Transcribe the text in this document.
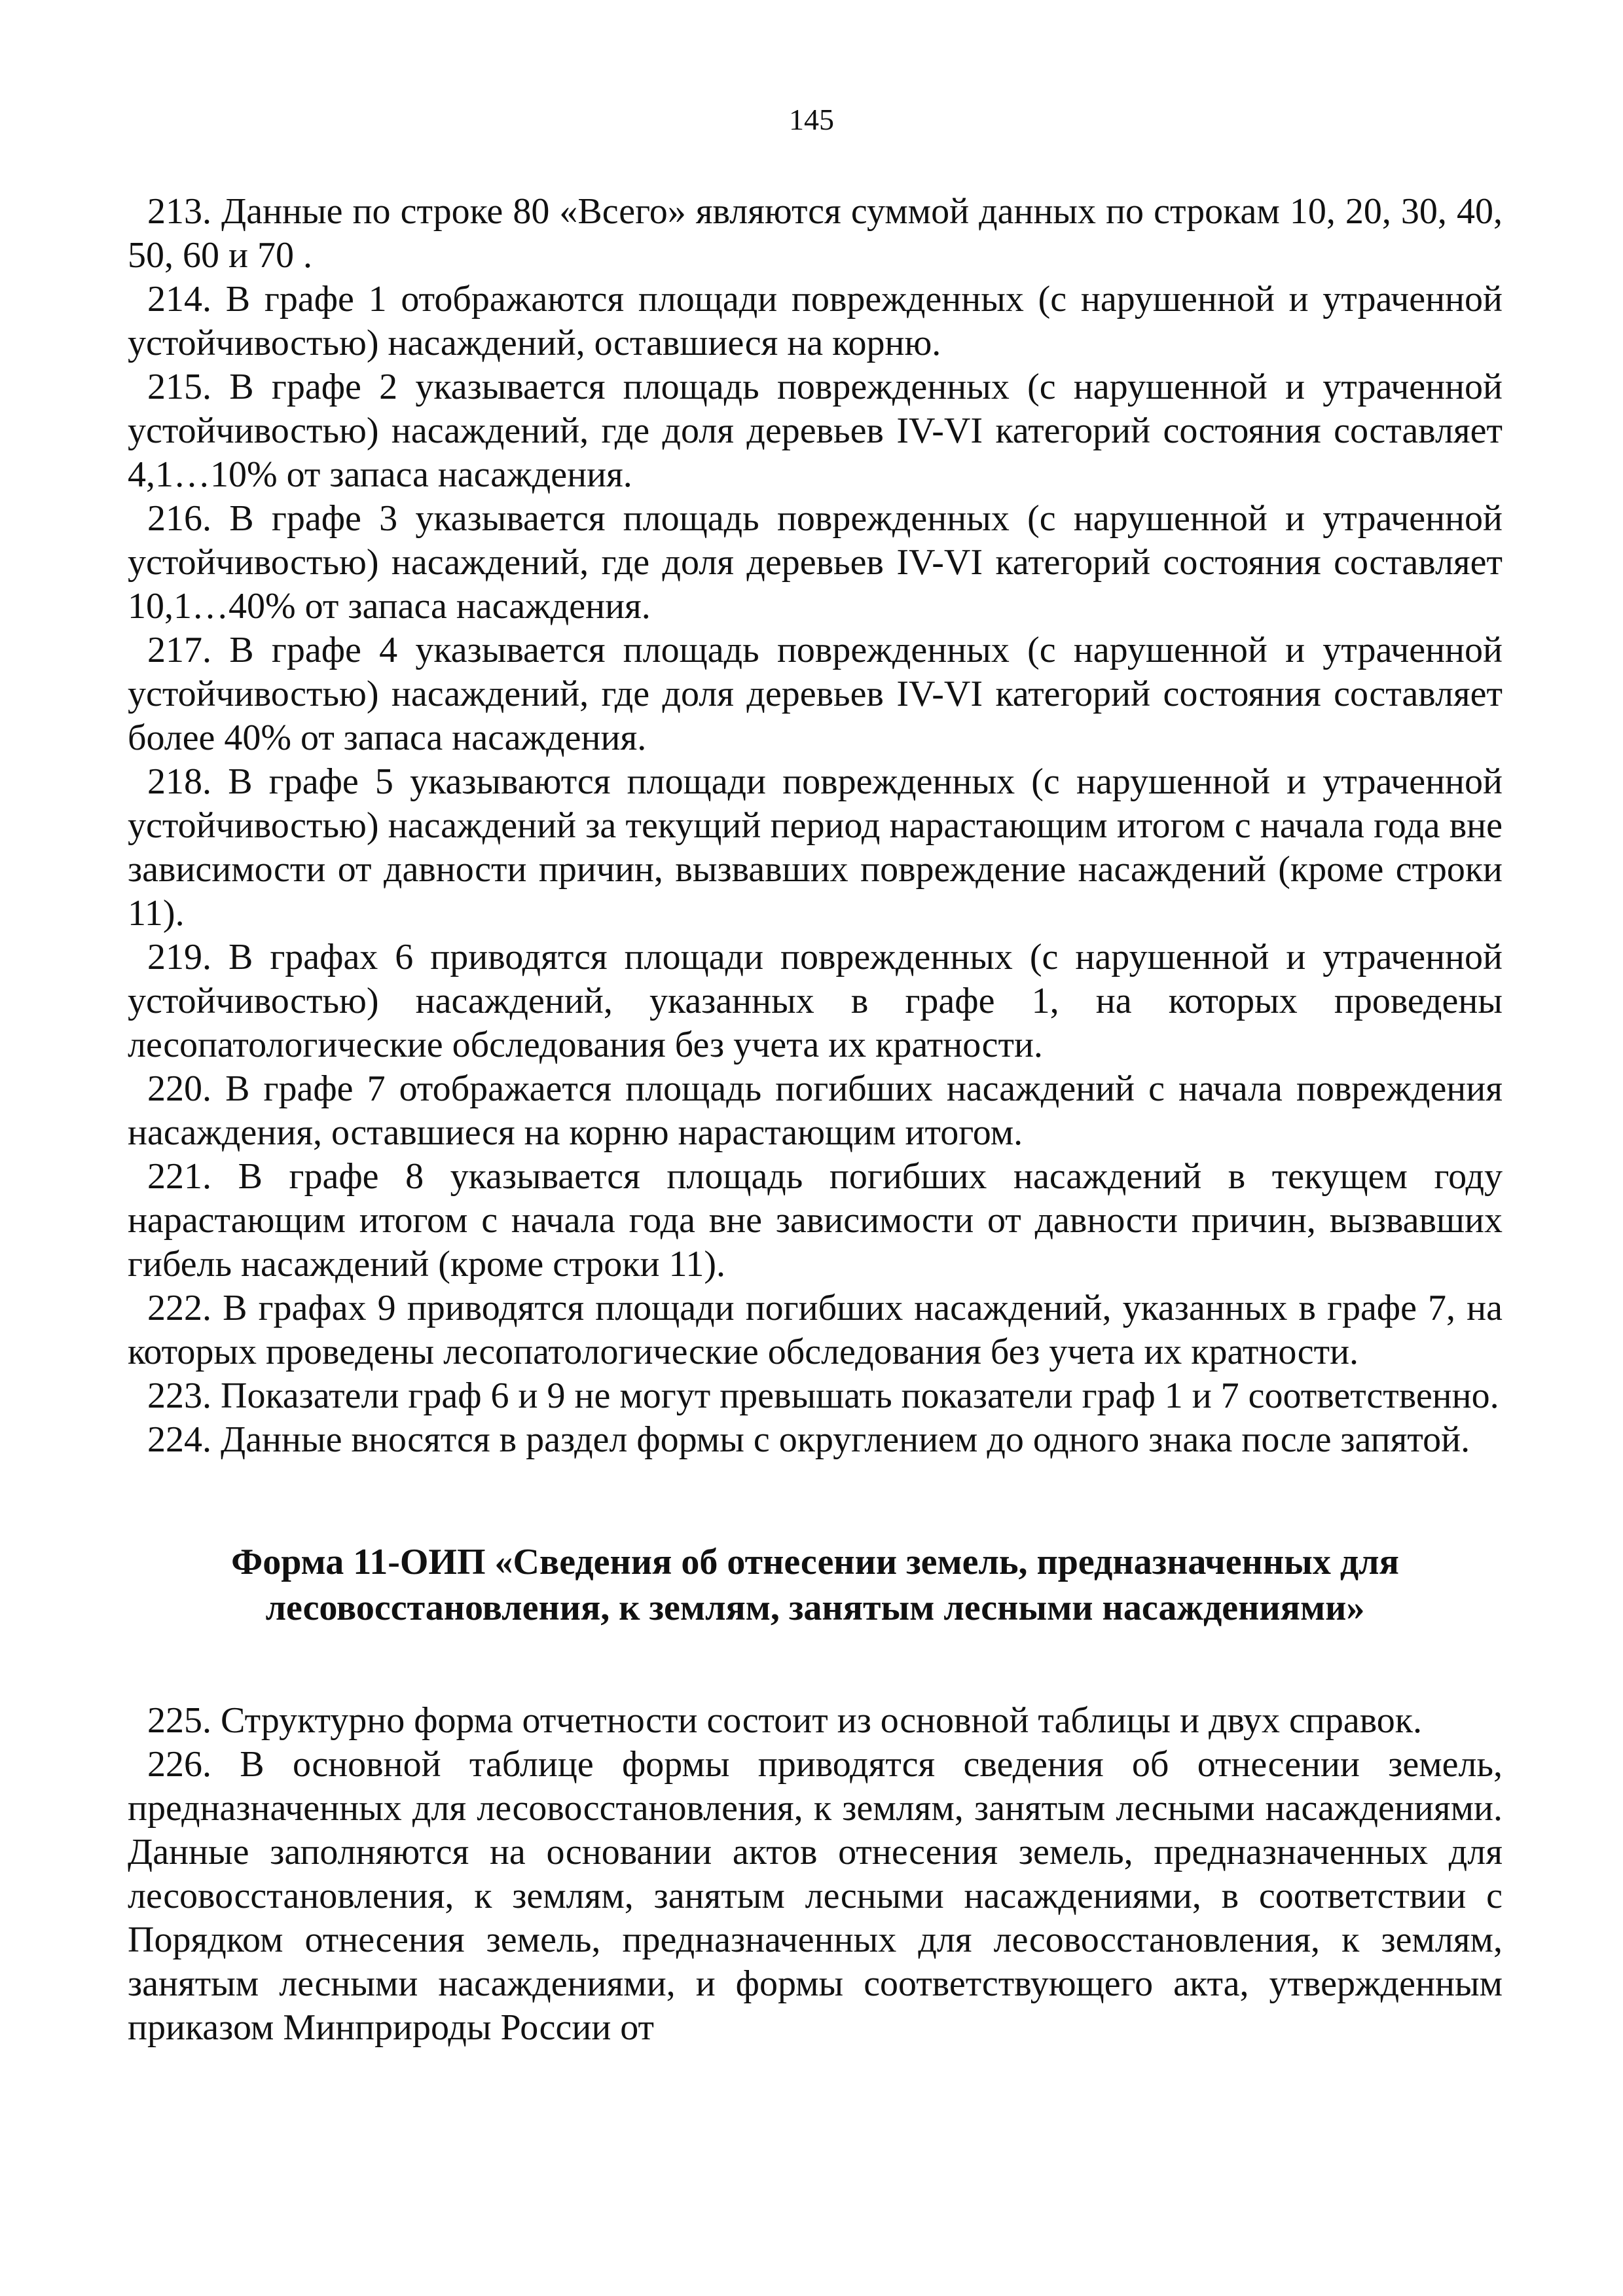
145

213. Данные по строке 80 «Всего» являются суммой данных по строкам 10, 20, 30, 40, 50, 60 и 70 .

214. В графе 1 отображаются площади поврежденных (с нарушенной и утраченной устойчивостью) насаждений, оставшиеся на корню.

215. В графе 2 указывается площадь поврежденных (с нарушенной и утраченной устойчивостью) насаждений, где доля деревьев IV-VI категорий состояния составляет 4,1…10% от запаса насаждения.

216. В графе 3 указывается площадь поврежденных (с нарушенной и утраченной устойчивостью) насаждений, где доля деревьев IV-VI категорий состояния составляет 10,1…40% от запаса насаждения.

217. В графе 4 указывается площадь поврежденных (с нарушенной и утраченной устойчивостью) насаждений, где доля деревьев IV-VI категорий состояния составляет более 40% от запаса насаждения.

218. В графе 5 указываются площади поврежденных (с нарушенной и утраченной устойчивостью) насаждений за текущий период нарастающим итогом с начала года вне зависимости от давности причин, вызвавших повреждение насаждений (кроме строки 11).

219. В графах 6 приводятся площади поврежденных (с нарушенной и утраченной устойчивостью) насаждений, указанных в графе 1, на которых проведены лесопатологические обследования без учета их кратности.

220. В графе 7 отображается площадь погибших насаждений с начала повреждения насаждения, оставшиеся на корню нарастающим итогом.

221. В графе 8 указывается площадь погибших насаждений в текущем году нарастающим итогом с начала года вне зависимости от давности причин, вызвавших гибель насаждений (кроме строки 11).

222. В графах 9 приводятся площади погибших насаждений, указанных в графе 7, на которых проведены лесопатологические обследования без учета их кратности.

223. Показатели граф 6 и 9 не могут превышать показатели граф 1 и 7 соответственно.

224. Данные вносятся в раздел формы с округлением до одного знака после запятой.

Форма 11-ОИП «Сведения об отнесении земель, предназначенных для лесовосстановления, к землям, занятым лесными насаждениями»

225. Структурно форма отчетности состоит из основной таблицы и двух справок.

226. В основной таблице формы приводятся сведения об отнесении земель, предназначенных для лесовосстановления, к землям, занятым лесными насаждениями. Данные заполняются на основании актов отнесения земель, предназначенных для лесовосстановления, к землям, занятым лесными насаждениями, в соответствии с Порядком отнесения земель, предназначенных для лесовосстановления, к землям, занятым лесными насаждениями, и формы соответствующего акта, утвержденным приказом Минприроды России от
